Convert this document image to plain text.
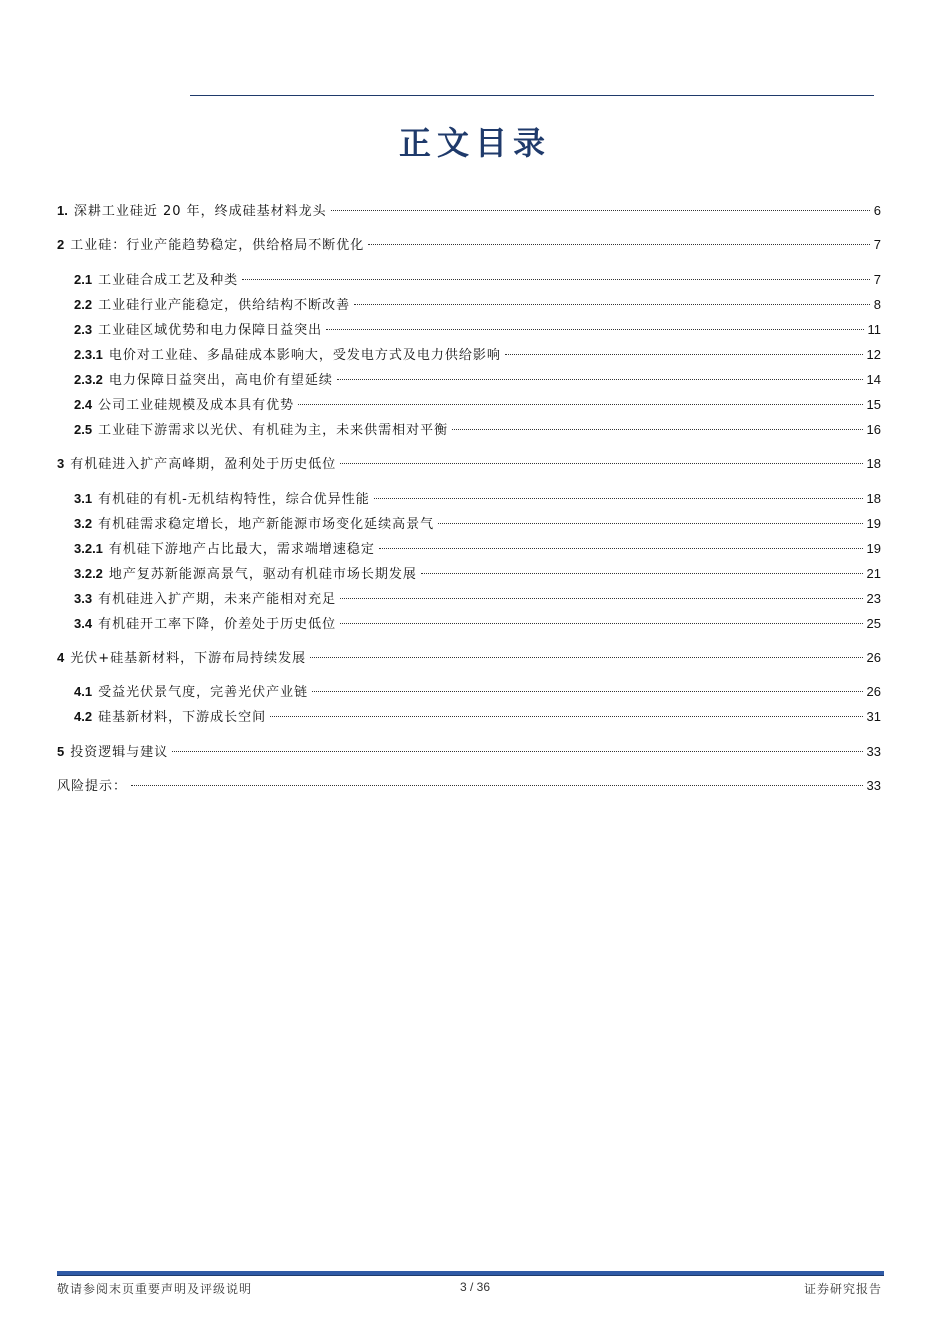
正文目录
1. 深耕工业硅近 20 年，终成硅基材料龙头	6
2 工业硅：行业产能趋势稳定，供给格局不断优化	7
2.1 工业硅合成工艺及种类	7
2.2 工业硅行业产能稳定，供给结构不断改善	8
2.3 工业硅区域优势和电力保障日益突出	11
2.3.1 电价对工业硅、多晶硅成本影响大，受发电方式及电力供给影响	12
2.3.2 电力保障日益突出，高电价有望延续	14
2.4 公司工业硅规模及成本具有优势	15
2.5 工业硅下游需求以光伏、有机硅为主，未来供需相对平衡	16
3 有机硅进入扩产高峰期，盈利处于历史低位	18
3.1 有机硅的有机-无机结构特性，综合优异性能	18
3.2 有机硅需求稳定增长，地产新能源市场变化延续高景气	19
3.2.1 有机硅下游地产占比最大，需求端增速稳定	19
3.2.2 地产复苏新能源高景气，驱动有机硅市场长期发展	21
3.3 有机硅进入扩产期，未来产能相对充足	23
3.4 有机硅开工率下降，价差处于历史低位	25
4 光伏+硅基新材料，下游布局持续发展	26
4.1 受益光伏景气度，完善光伏产业链	26
4.2 硅基新材料，下游成长空间	31
5 投资逻辑与建议	33
风险提示：	33
敬请参阅末页重要声明及评级说明	3 / 36	证券研究报告
